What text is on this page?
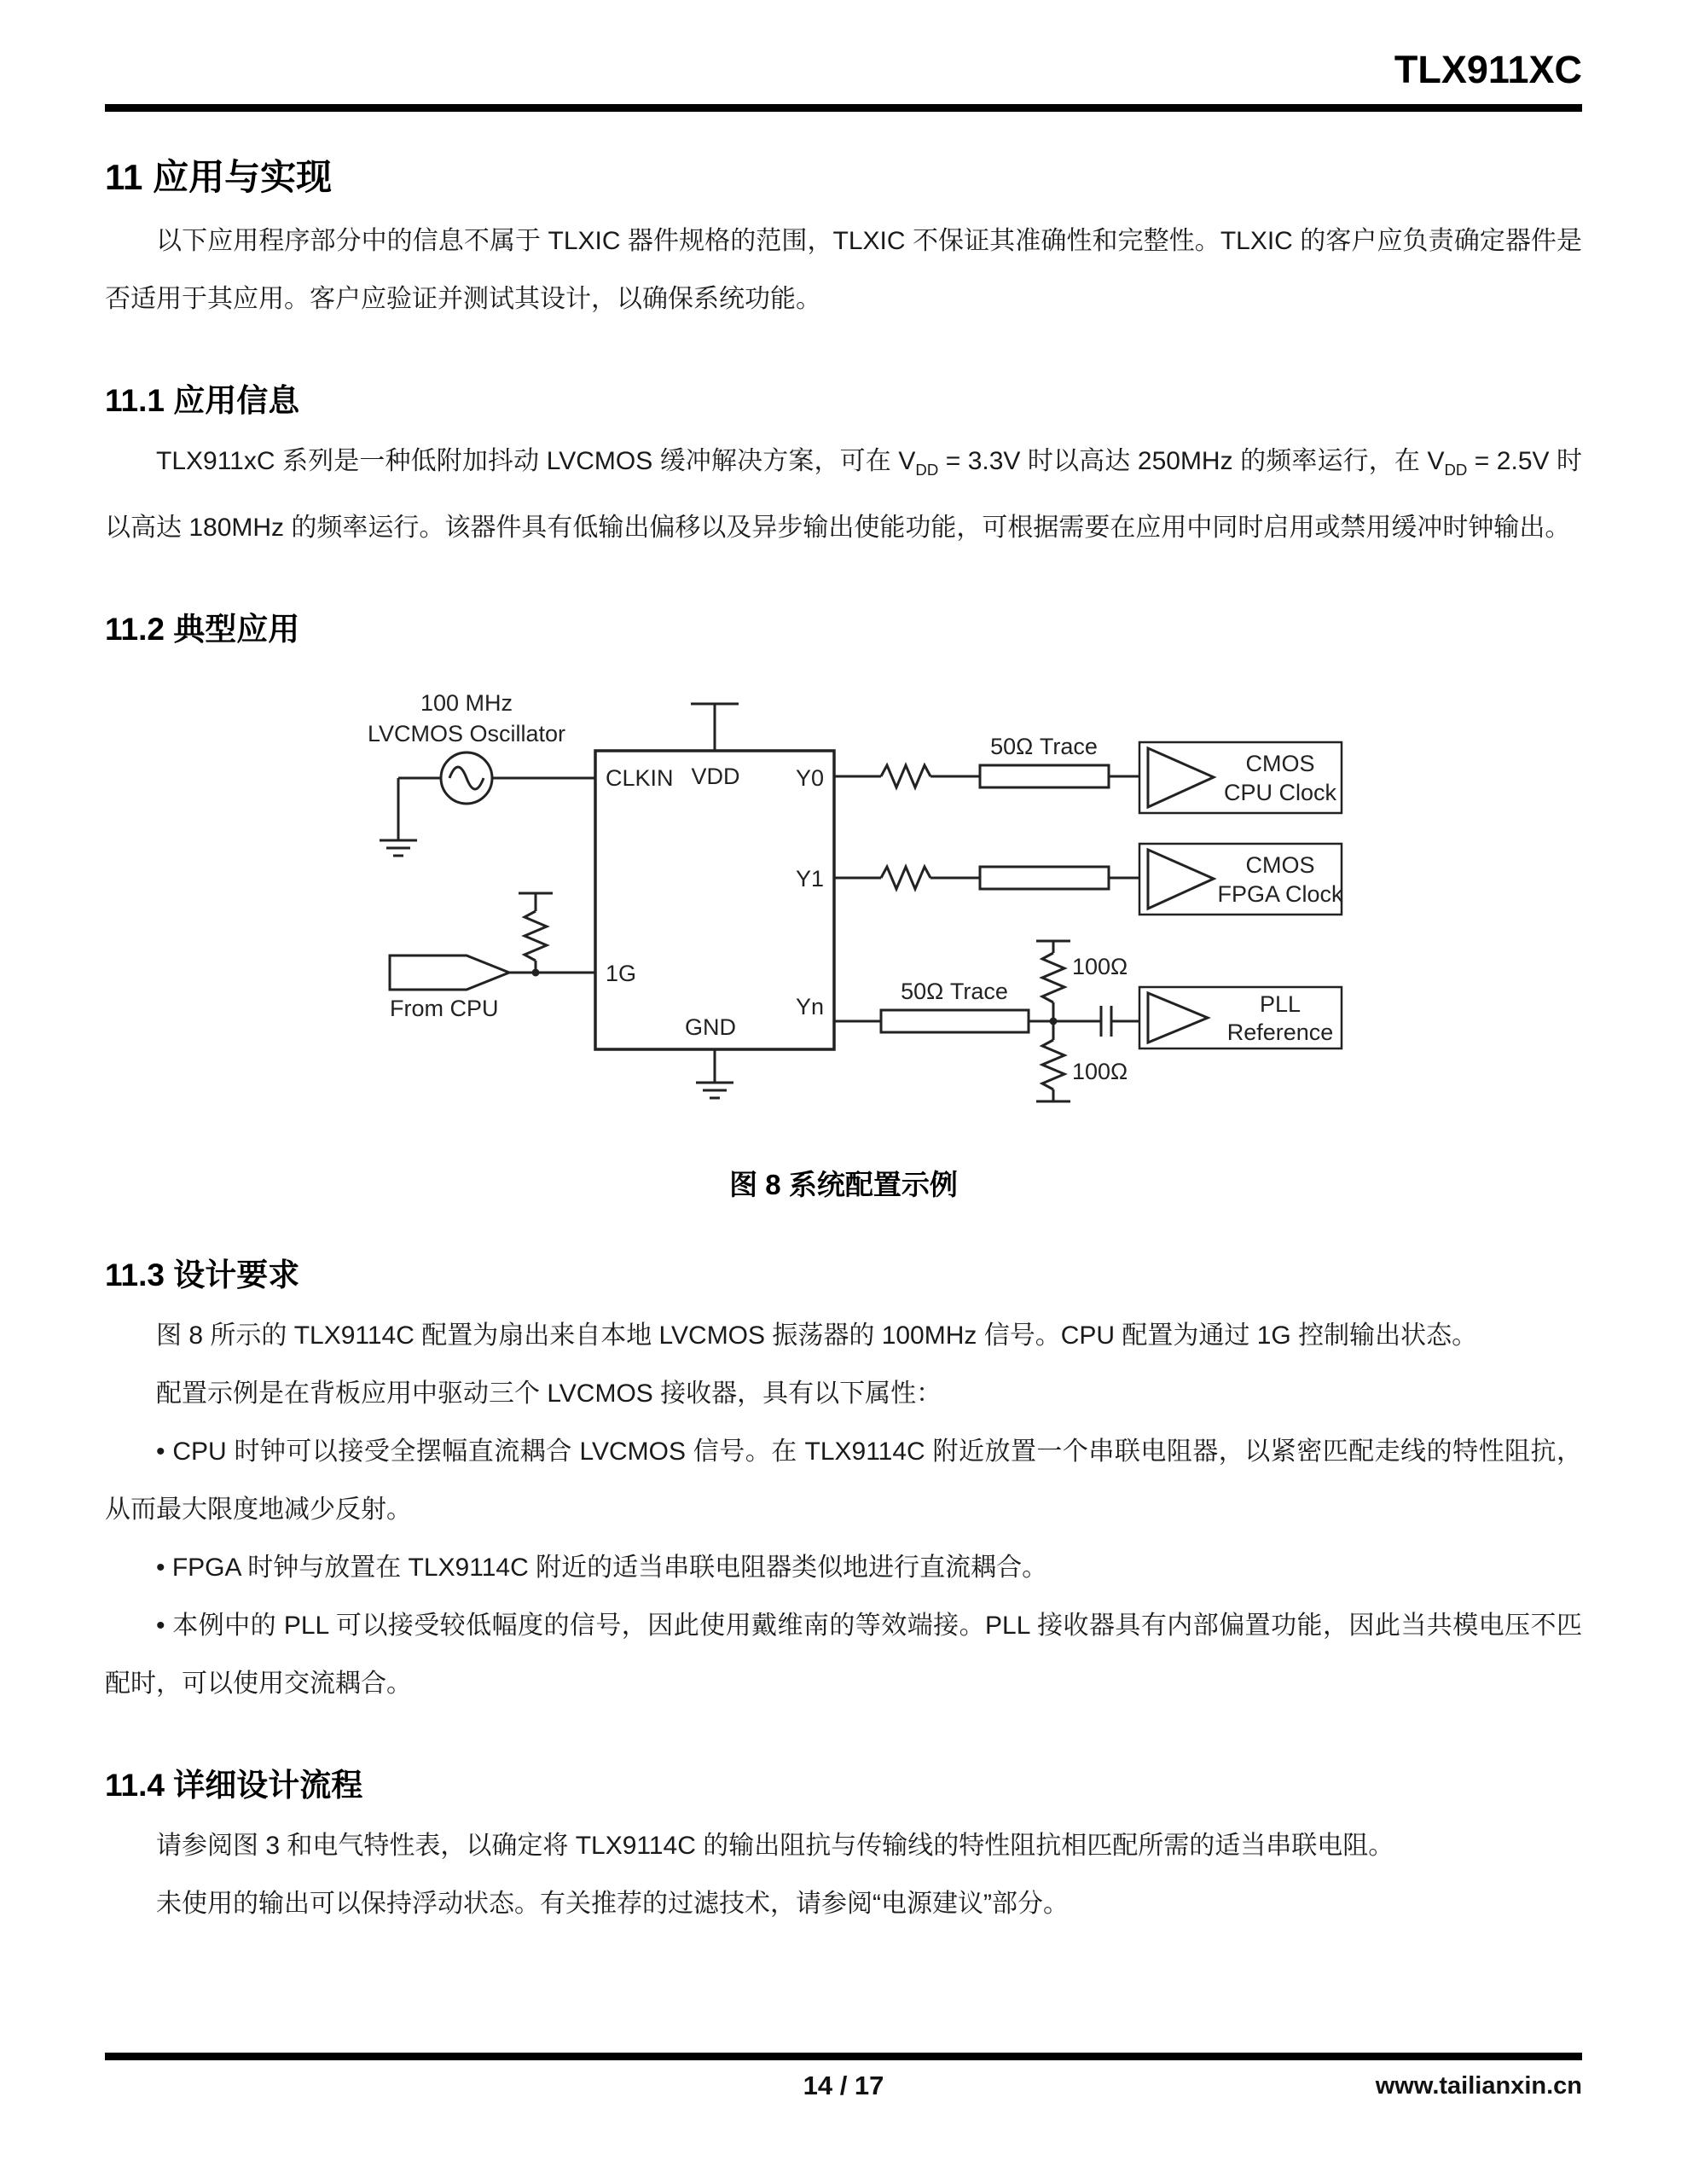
TLX911XC
11 应用与实现

以下应用程序部分中的信息不属于 TLXIC 器件规格的范围，TLXIC 不保证其准确性和完整性。TLXIC 的客户应负责确定器件是否适用于其应用。客户应验证并测试其设计，以确保系统功能。

11.1 应用信息

TLX911xC 系列是一种低附加抖动 LVCMOS 缓冲解决方案，可在 $V_{DD} = 3.3V$ 时以高达 250MHz 的频率运行，在 $V_{DD} = 2.5V$ 时以高达 180MHz 的频率运行。该器件具有低输出偏移以及异步输出使能功能，可根据需要在应用中同时启用或禁用缓冲时钟输出。

11.2 典型应用
100 MHz
LVCMOS Oscillator
CLKIN VDD Y0
Y1
1G
GND
Yn
From CPU
50Ω Trace
50Ω Trace
100Ω
100Ω
CMOS
CPU Clock
CMOS
FPGA Clock
PLL
Reference
图 8 系统配置示例
11.3 设计要求

图 8 所示的 TLX9114C 配置为扇出来自本地 LVCMOS 振荡器的 100MHz 信号。CPU 配置为通过 1G 控制输出状态。

配置示例是在背板应用中驱动三个 LVCMOS 接收器，具有以下属性：

• CPU 时钟可以接受全摆幅直流耦合 LVCMOS 信号。在 TLX9114C 附近放置一个串联电阻器，以紧密匹配走线的特性阻抗，从而最大限度地减少反射。

• FPGA 时钟与放置在 TLX9114C 附近的适当串联电阻器类似地进行直流耦合。

• 本例中的 PLL 可以接受较低幅度的信号，因此使用戴维南的等效端接。PLL 接收器具有内部偏置功能，因此当共模电压不匹配时，可以使用交流耦合。

11.4 详细设计流程

请参阅图 3 和电气特性表，以确定将 TLX9114C 的输出阻抗与传输线的特性阻抗相匹配所需的适当串联电阻。

未使用的输出可以保持浮动状态。有关推荐的过滤技术，请参阅“电源建议”部分。

14 / 17	www.tailianxin.cn
